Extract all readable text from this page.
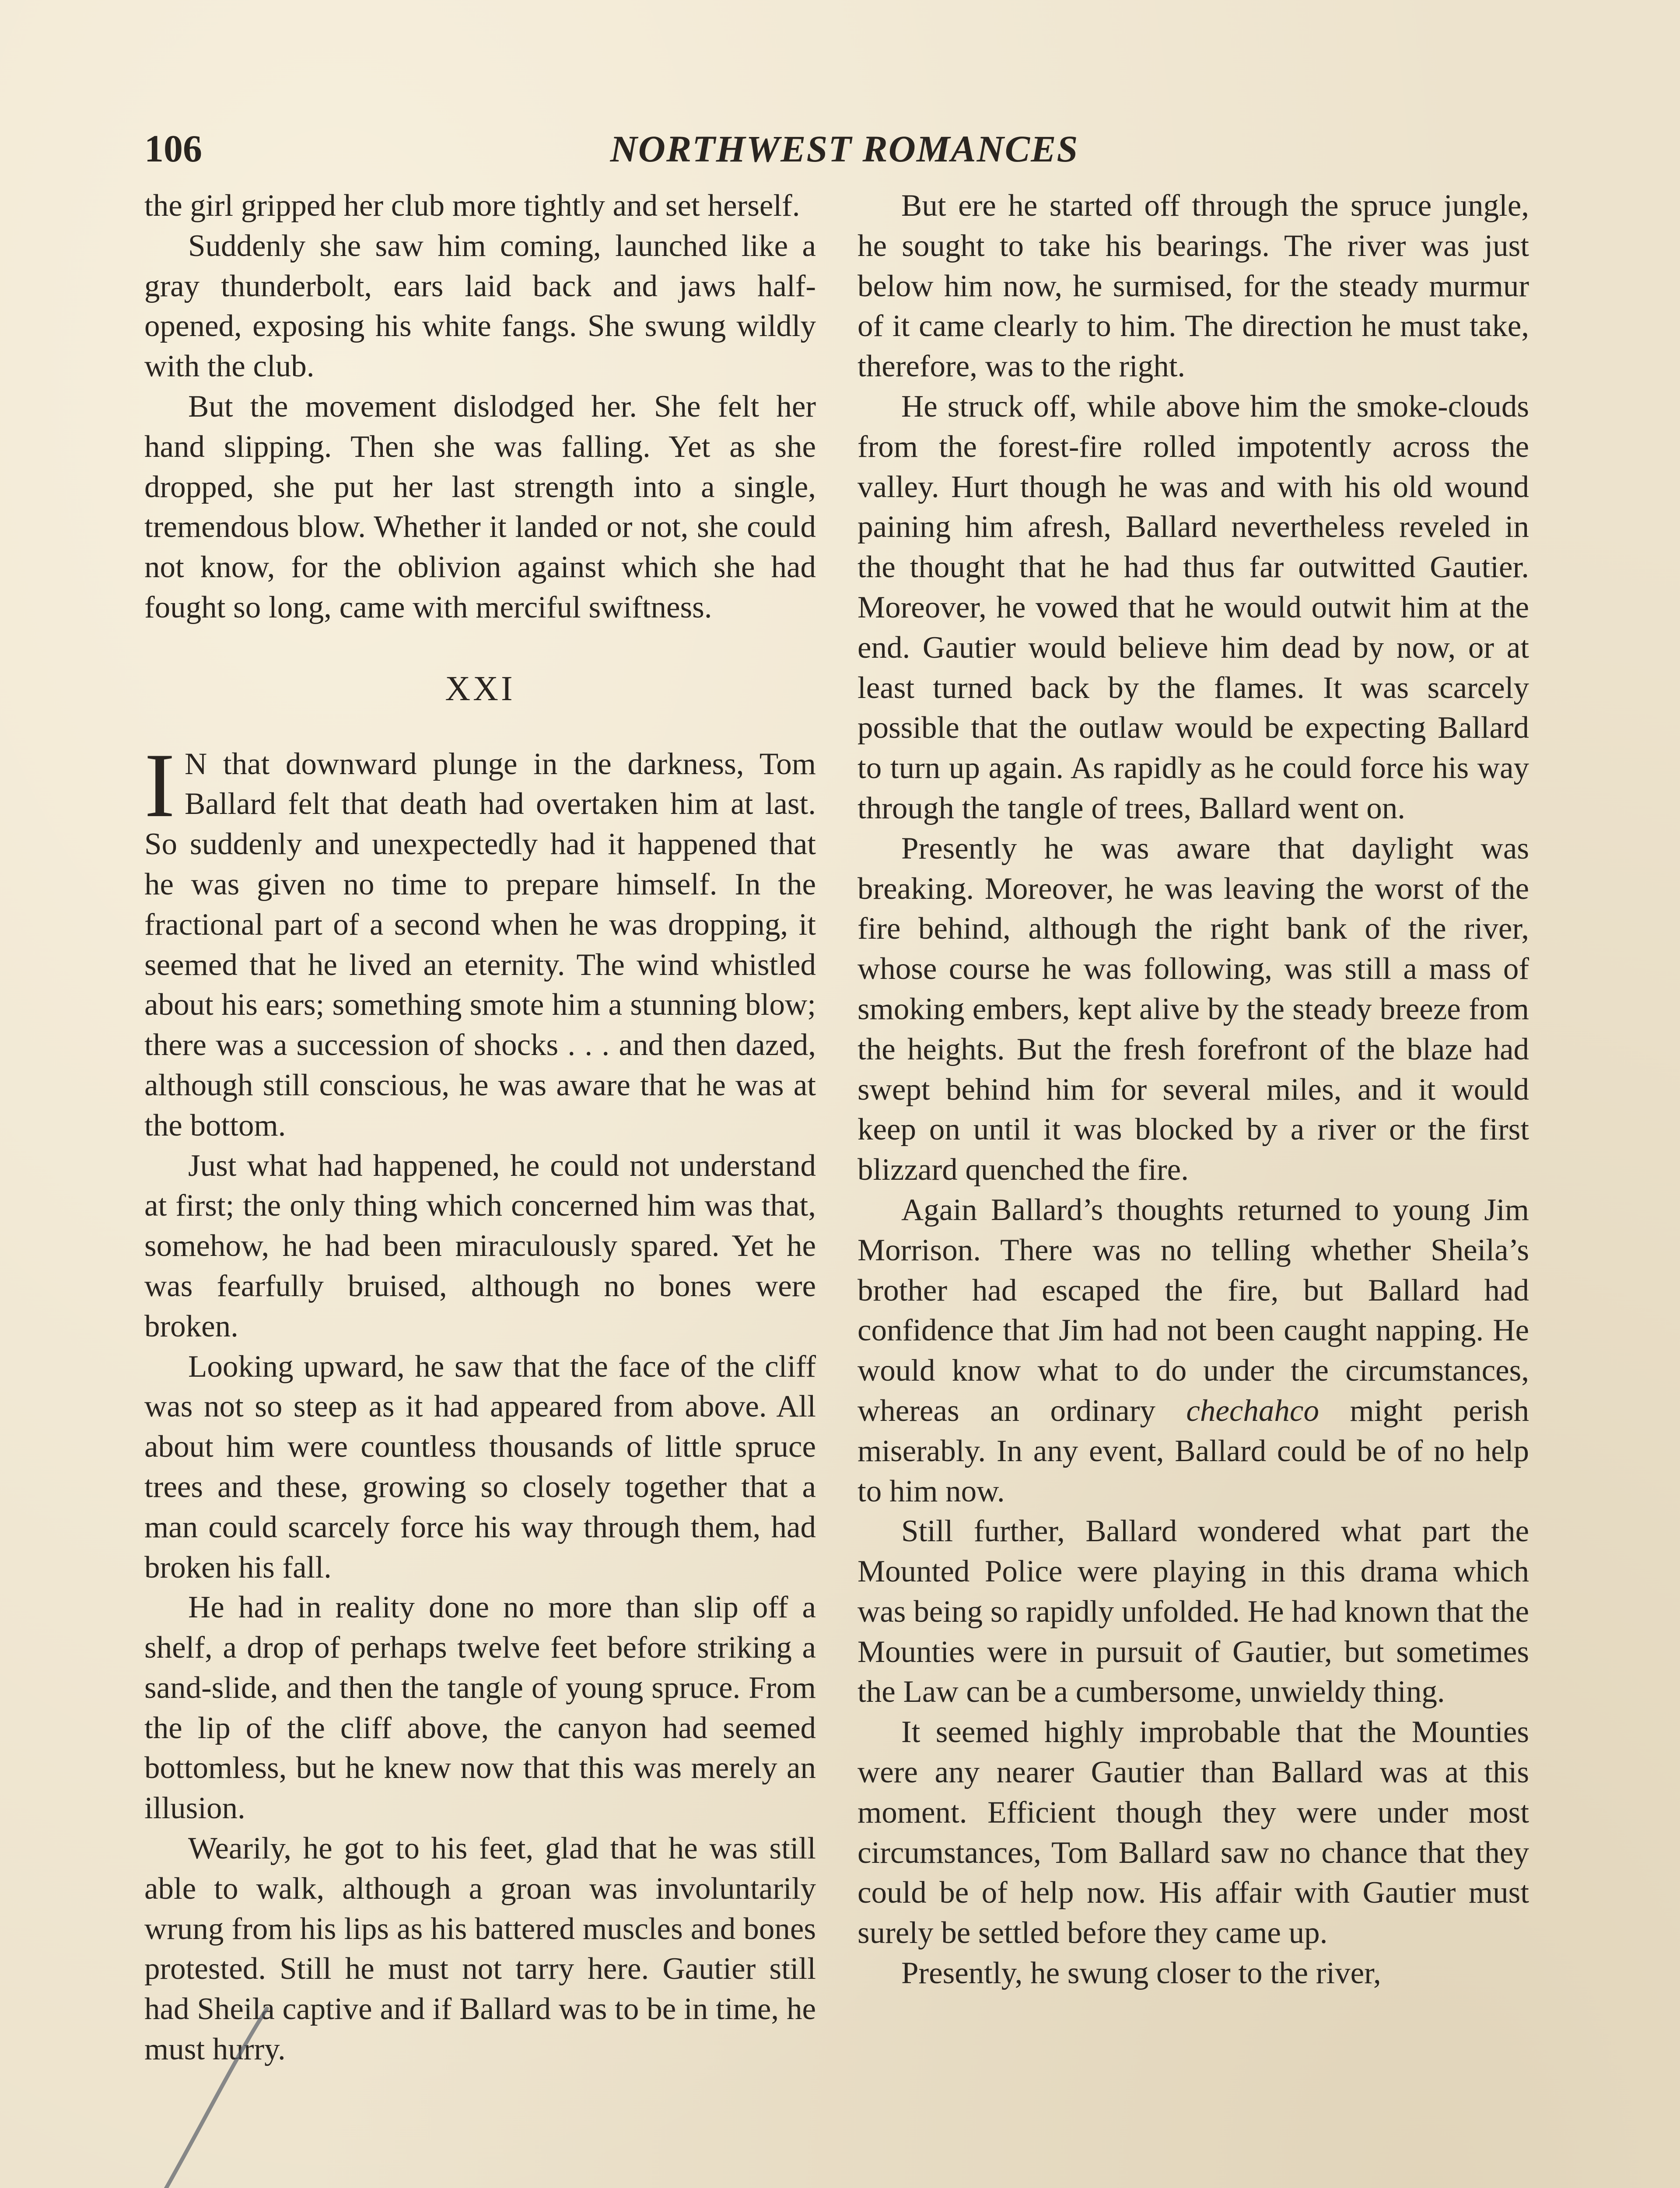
106	NORTHWEST ROMANCES

the girl gripped her club more tightly and set herself.

Suddenly she saw him coming, launched like a gray thunderbolt, ears laid back and jaws half-opened, exposing his white fangs. She swung wildly with the club.

But the movement dislodged her. She felt her hand slipping. Then she was falling. Yet as she dropped, she put her last strength into a single, tremendous blow. Whether it landed or not, she could not know, for the oblivion against which she had fought so long, came with merciful swiftness.

XXI

I N that downward plunge in the darkness, Tom Ballard felt that death had overtaken him at last. So suddenly and unexpectedly had it happened that he was given no time to prepare himself. In the fractional part of a second when he was dropping, it seemed that he lived an eternity. The wind whistled about his ears; something smote him a stunning blow; there was a succession of shocks . . . and then dazed, although still conscious, he was aware that he was at the bottom.

Just what had happened, he could not understand at first; the only thing which concerned him was that, somehow, he had been miraculously spared. Yet he was fearfully bruised, although no bones were broken.

Looking upward, he saw that the face of the cliff was not so steep as it had appeared from above. All about him were countless thousands of little spruce trees and these, growing so closely together that a man could scarcely force his way through them, had broken his fall.

He had in reality done no more than slip off a shelf, a drop of perhaps twelve feet before striking a sand-slide, and then the tangle of young spruce. From the lip of the cliff above, the canyon had seemed bottomless, but he knew now that this was merely an illusion.

Wearily, he got to his feet, glad that he was still able to walk, although a groan was involuntarily wrung from his lips as his battered muscles and bones protested. Still he must not tarry here. Gautier still had Sheila captive and if Ballard was to be in time, he must hurry.

But ere he started off through the spruce jungle, he sought to take his bearings. The river was just below him now, he surmised, for the steady murmur of it came clearly to him. The direction he must take, therefore, was to the right.

He struck off, while above him the smoke-clouds from the forest-fire rolled impotently across the valley. Hurt though he was and with his old wound paining him afresh, Ballard nevertheless reveled in the thought that he had thus far outwitted Gautier. Moreover, he vowed that he would outwit him at the end. Gautier would believe him dead by now, or at least turned back by the flames. It was scarcely possible that the outlaw would be expecting Ballard to turn up again. As rapidly as he could force his way through the tangle of trees, Ballard went on.

Presently he was aware that daylight was breaking. Moreover, he was leaving the worst of the fire behind, although the right bank of the river, whose course he was following, was still a mass of smoking embers, kept alive by the steady breeze from the heights. But the fresh forefront of the blaze had swept behind him for several miles, and it would keep on until it was blocked by a river or the first blizzard quenched the fire.

Again Ballard’s thoughts returned to young Jim Morrison. There was no telling whether Sheila’s brother had escaped the fire, but Ballard had confidence that Jim had not been caught napping. He would know what to do under the circumstances, whereas an ordinary chechahco might perish miserably. In any event, Ballard could be of no help to him now.

Still further, Ballard wondered what part the Mounted Police were playing in this drama which was being so rapidly unfolded. He had known that the Mounties were in pursuit of Gautier, but sometimes the Law can be a cumbersome, unwieldy thing.

It seemed highly improbable that the Mounties were any nearer Gautier than Ballard was at this moment. Efficient though they were under most circumstances, Tom Ballard saw no chance that they could be of help now. His affair with Gautier must surely be settled before they came up.

Presently, he swung closer to the river,
